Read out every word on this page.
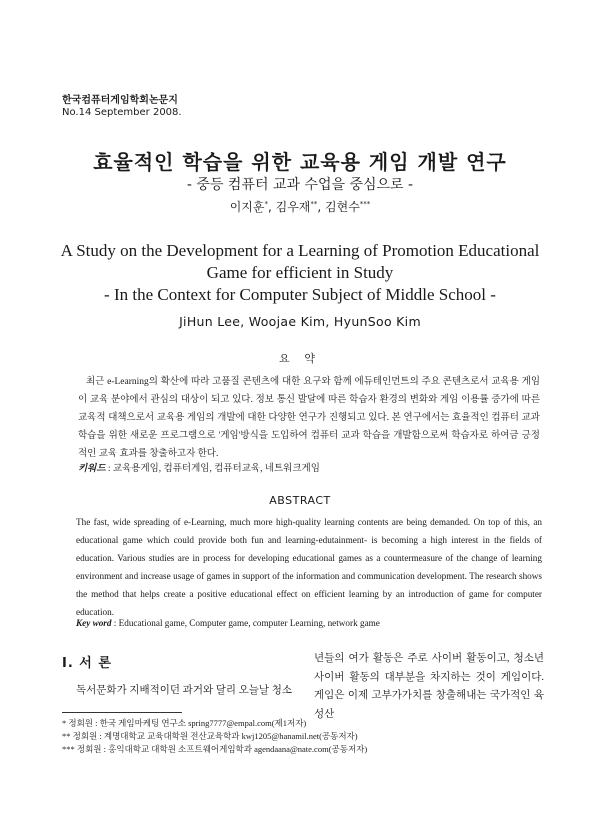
한국컴퓨터게임학회논문지
No.14 September 2008.
효율적인 학습을 위한 교육용 게임 개발 연구
- 중등 컴퓨터 교과 수업을 중심으로 -
이지훈*, 김우재**, 김현수***
A Study on the Development for a Learning of Promotion Educational
Game for efficient in Study
- In the Context for Computer Subject of Middle School -
JiHun Lee, Woojae Kim, HyunSoo Kim
요 약
최근 e-Learning의 확산에 따라 고품질 콘텐츠에 대한 요구와 함께 에듀테인먼트의 주요 콘텐츠로서 교육용 게임이 교육 분야에서 관심의 대상이 되고 있다. 정보 통신 발달에 따른 학습자 환경의 변화와 게임 이용률 증가에 따른 교육적 대책으로서 교육용 게임의 개발에 대한 다양한 연구가 진행되고 있다. 본 연구에서는 효율적인 컴퓨터 교과학습을 위한 새로운 프로그램으로 '게임'방식을 도입하여 컴퓨터 교과 학습을 개발함으로써 학습자로 하여금 긍정적인 교육 효과를 창출하고자 한다.
키워드 : 교육용게임, 컴퓨터게임, 컴퓨터교육, 네트워크게임
ABSTRACT
The fast, wide spreading of e-Learning, much more high-quality learning contents are being demanded. On top of this, an educational game which could provide both fun and learning-edutainment- is becoming a high interest in the fields of education. Various studies are in process for developing educational games as a countermeasure of the change of learning environment and increase usage of games in support of the information and communication development. The research shows the method that helps create a positive educational effect on efficient learning by an introduction of game for computer education.
Key word : Educational game, Computer game, computer Learning, network game
Ⅰ. 서 론
독서문화가 지배적이던 과거와 달리 오늘날 청소
년들의 여가 활동은 주로 사이버 활동이고, 청소년 사이버 활동의 대부분을 차지하는 것이 게임이다. 게임은 이제 고부가가치를 창출해내는 국가적인 육성산
* 정회원 : 한국 게임마케팅 연구소 spring7777@empal.com(제1저자)
** 정회원 : 계명대학교 교육대학원 전산교육학과 kwj1205@hanamil.net(공동저자)
*** 정회원 : 홍익대학교 대학원 소프트웨어게임학과 agendaana@nate.com(공동저자)
